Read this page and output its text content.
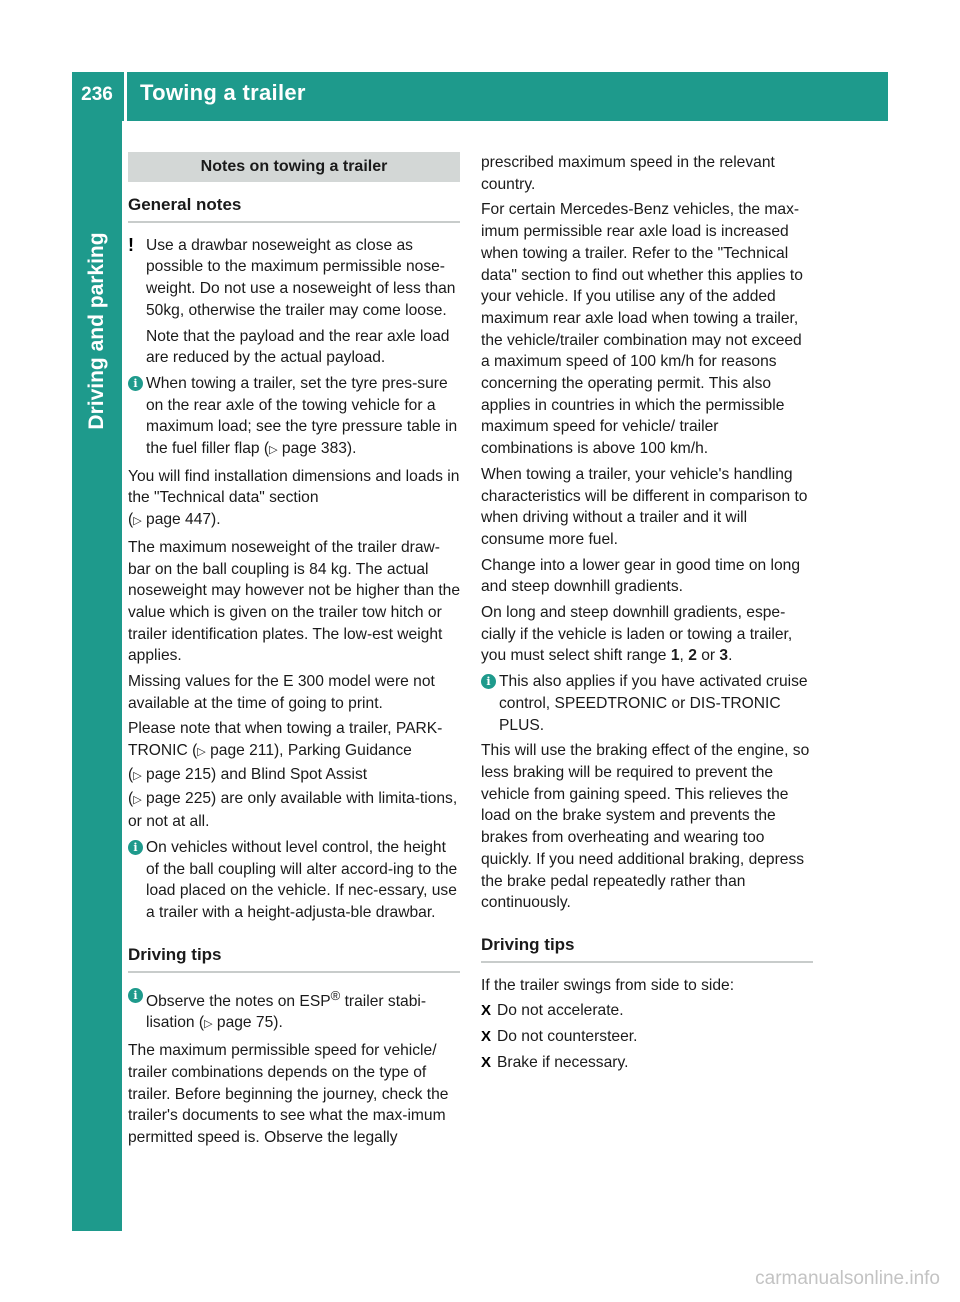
236	Towing a trailer
Driving and parking
Notes on towing a trailer
General notes
! Use a drawbar noseweight as close as possible to the maximum permissible nose-weight. Do not use a noseweight of less than 50kg, otherwise the trailer may come loose.

Note that the payload and the rear axle load are reduced by the actual payload.

i When towing a trailer, set the tyre pres-sure on the rear axle of the towing vehicle for a maximum load; see the tyre pressure table in the fuel filler flap (▷ page 383).

You will find installation dimensions and loads in the "Technical data" section
(▷ page 447).

The maximum noseweight of the trailer draw-bar on the ball coupling is 84 kg. The actual noseweight may however not be higher than the value which is given on the trailer tow hitch or trailer identification plates. The low-est weight applies.

Missing values for the E 300 model were not available at the time of going to print.

Please note that when towing a trailer, PARK-TRONIC (▷ page 211), Parking Guidance
(▷ page 215) and Blind Spot Assist
(▷ page 225) are only available with limita-tions, or not at all.

i On vehicles without level control, the height of the ball coupling will alter accord-ing to the load placed on the vehicle. If nec-essary, use a trailer with a height-adjusta-ble drawbar.

Driving tips
i Observe the notes on ESP® trailer stabi-lisation (▷ page 75).

The maximum permissible speed for vehicle/ trailer combinations depends on the type of trailer. Before beginning the journey, check the trailer's documents to see what the max-imum permitted speed is. Observe the legally

prescribed maximum speed in the relevant country.

For certain Mercedes-Benz vehicles, the max-imum permissible rear axle load is increased when towing a trailer. Refer to the "Technical data" section to find out whether this applies to your vehicle. If you utilise any of the added maximum rear axle load when towing a trailer, the vehicle/trailer combination may not exceed a maximum speed of 100 km/h for reasons concerning the operating permit. This also applies in countries in which the permissible maximum speed for vehicle/ trailer combinations is above 100 km/h.

When towing a trailer, your vehicle's handling characteristics will be different in comparison to when driving without a trailer and it will consume more fuel.

Change into a lower gear in good time on long and steep downhill gradients.

On long and steep downhill gradients, espe-cially if the vehicle is laden or towing a trailer, you must select shift range 1, 2 or 3.

i This also applies if you have activated cruise control, SPEEDTRONIC or DIS-TRONIC PLUS.

This will use the braking effect of the engine, so less braking will be required to prevent the vehicle from gaining speed. This relieves the load on the brake system and prevents the brakes from overheating and wearing too quickly. If you need additional braking, depress the brake pedal repeatedly rather than continuously.

Driving tips

If the trailer swings from side to side:

X Do not accelerate.
X Do not countersteer.
X Brake if necessary.
carmanualsonline.info
